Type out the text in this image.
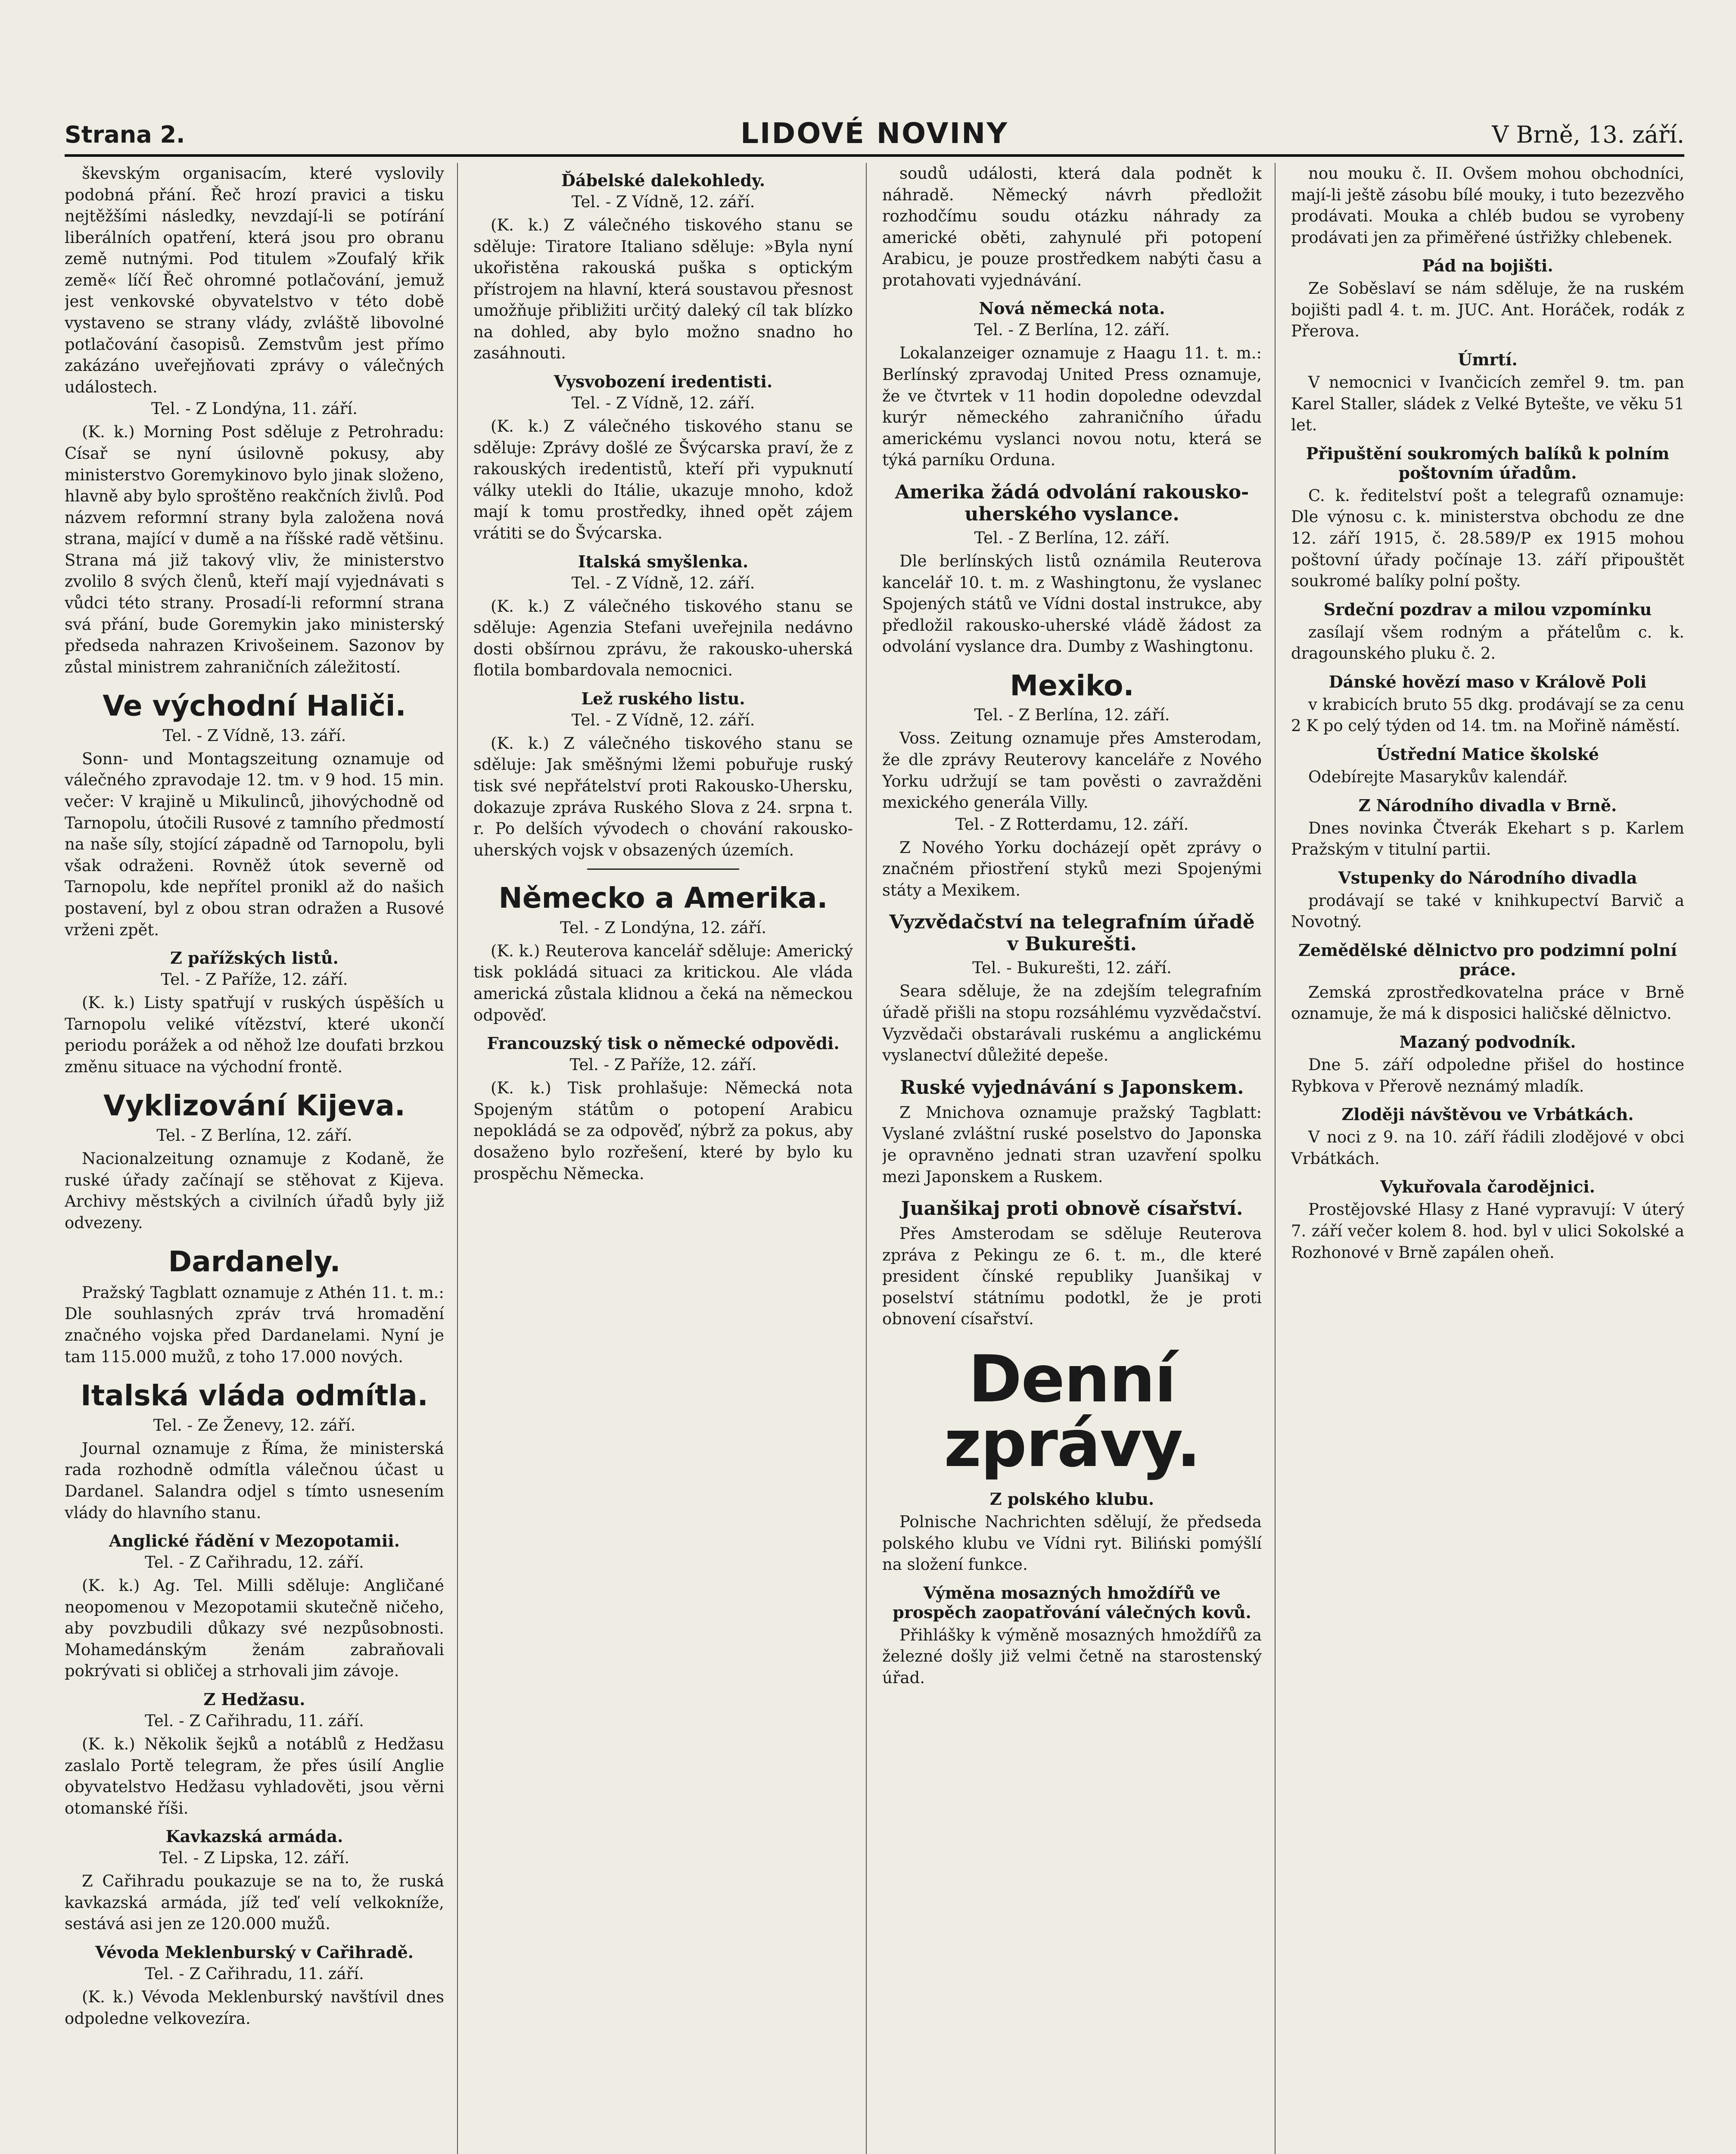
Strana 2.	LIDOVÉ NOVINY	V Brně, 13. září.

škevským organisacím, které vyslovily podobná přání. Řeč hrozí pravici a tisku nejtěžšími následky, nevzdají-li se potírání liberálních opatření, která jsou pro obranu země nutnými. Pod titulem »Zoufalý křik země« líčí Řeč ohromné potlačování, jemuž jest venkovské obyvatelstvo v této době vystaveno se strany vlády, zvláště libovolné potlačování časopisů. Zemstvům jest přímo zakázáno uveřejňovati zprávy o válečných událostech.

Tel. - Z Londýna, 11. září.

(K. k.) Morning Post sděluje z Petrohradu: Císař se nyní úsilovně pokusy, aby ministerstvo Goremykinovo bylo jinak složeno, hlavně aby bylo sproštěno reakčních živlů. Pod názvem reformní strany byla založena nová strana, mající v dumě a na říšské radě většinu. Strana má již takový vliv, že ministerstvo zvolilo 8 svých členů, kteří mají vyjednávati s vůdci této strany. Prosadí-li reformní strana svá přání, bude Goremykin jako ministerský předseda nahrazen Krivošeinem. Sazonov by zůstal ministrem zahraničních záležitostí.

Ve východní Haliči.
Tel. - Z Vídně, 13. září.

Sonn- und Montagszeitung oznamuje od válečného zpravodaje 12. tm. v 9 hod. 15 min. večer: V krajině u Mikulinců, jihovýchodně od Tarnopolu, útočili Rusové z tamního předmostí na naše síly, stojící západně od Tarnopolu, byli však odraženi. Rovněž útok severně od Tarnopolu, kde nepřítel pronikl až do našich postavení, byl z obou stran odražen a Rusové vrženi zpět.

Z pařížských listů.
Tel. - Z Paříže, 12. září.

(K. k.) Listy spatřují v ruských úspěších u Tarnopolu veliké vítězství, které ukončí periodu porážek a od něhož lze doufati brzkou změnu situace na východní frontě.

Vyklizování Kijeva.
Tel. - Z Berlína, 12. září.

Nacionalzeitung oznamuje z Kodaně, že ruské úřady začínají se stěhovat z Kijeva. Archivy městských a civilních úřadů byly již odvezeny.

Dardanely.

Pražský Tagblatt oznamuje z Athén 11. t. m.: Dle souhlasných zpráv trvá hromadění značného vojska před Dardanelami. Nyní je tam 115.000 mužů, z toho 17.000 nových.

Italská vláda odmítla.
Tel. - Ze Ženevy, 12. září.

Journal oznamuje z Říma, že ministerská rada rozhodně odmítla válečnou účast u Dardanel. Salandra odjel s tímto usnesením vlády do hlavního stanu.

Anglické řádění v Mezopotamii.
Tel. - Z Cařihradu, 12. září.

(K. k.) Ag. Tel. Milli sděluje: Angličané neopomenou v Mezopotamii skutečně ničeho, aby povzbudili důkazy své nezpůsobnosti. Mohamedánským ženám zabraňovali pokrývati si obličej a strhovali jim závoje.

Z Hedžasu.
Tel. - Z Cařihradu, 11. září.

(K. k.) Několik šejků a notáblů z Hedžasu zaslalo Portě telegram, že přes úsilí Anglie obyvatelstvo Hedžasu vyhladověti, jsou věrni otomanské říši.

Kavkazská armáda.
Tel. - Z Lipska, 12. září.

Z Cařihradu poukazuje se na to, že ruská kavkazská armáda, jíž teď velí velkokníže, sestává asi jen ze 120.000 mužů.

Vévoda Meklenburský v Cařihradě.
Tel. - Z Cařihradu, 11. září.

(K. k.) Vévoda Meklenburský navštívil dnes odpoledne velkovezíra.

Ďábelské dalekohledy.
Tel. - Z Vídně, 12. září.

(K. k.) Z válečného tiskového stanu se sděluje: Tiratore Italiano sděluje: »Byla nyní ukořistěna rakouská puška s optickým přístrojem na hlavní, která soustavou přesnost umožňuje přibližiti určitý daleký cíl tak blízko na dohled, aby bylo možno snadno ho zasáhnouti.

Vysvobození iredentisti.
Tel. - Z Vídně, 12. září.

(K. k.) Z válečného tiskového stanu se sděluje: Zprávy došlé ze Švýcarska praví, že z rakouských iredentistů, kteří při vypuknutí války utekli do Itálie, ukazuje mnoho, kdož mají k tomu prostředky, ihned opět zájem vrátiti se do Švýcarska.

Italská smyšlenka.
Tel. - Z Vídně, 12. září.

(K. k.) Z válečného tiskového stanu se sděluje: Agenzia Stefani uveřejnila nedávno dosti obšírnou zprávu, že rakousko-uherská flotila bombardovala nemocnici.

Lež ruského listu.
Tel. - Z Vídně, 12. září.

(K. k.) Z válečného tiskového stanu se sděluje: Jak směšnými lžemi pobuřuje ruský tisk své nepřátelství proti Rakousko-Uhersku, dokazuje zpráva Ruského Slova z 24. srpna t. r. Po delších vývodech o chování rakousko-uherských vojsk v obsazených územích.

Německo a Amerika.
Tel. - Z Londýna, 12. září.

(K. k.) Reuterova kancelář sděluje: Americký tisk pokládá situaci za kritickou. Ale vláda americká zůstala klidnou a čeká na německou odpověď.

Francouzský tisk o německé odpovědi.
Tel. - Z Paříže, 12. září.

(K. k.) Tisk prohlašuje: Německá nota Spojeným státům o potopení Arabicu nepokládá se za odpověď, nýbrž za pokus, aby dosaženo bylo rozřešení, které by bylo ku prospěchu Německa.

soudů události, která dala podnět k náhradě. Německý návrh předložit rozhodčímu soudu otázku náhrady za americké oběti, zahynulé při potopení Arabicu, je pouze prostředkem nabýti času a protahovati vyjednávání.

Nová německá nota.
Tel. - Z Berlína, 12. září.

Lokalanzeiger oznamuje z Haagu 11. t. m.: Berlínský zpravodaj United Press oznamuje, že ve čtvrtek v 11 hodin dopoledne odevzdal kurýr německého zahraničního úřadu americkému vyslanci novou notu, která se týká parníku Orduna.

Amerika žádá odvolání rakousko-uherského vyslance.
Tel. - Z Berlína, 12. září.

Dle berlínských listů oznámila Reuterova kancelář 10. t. m. z Washingtonu, že vyslanec Spojených států ve Vídni dostal instrukce, aby předložil rakousko-uherské vládě žádost za odvolání vyslance dra. Dumby z Washingtonu.

Mexiko.
Tel. - Z Berlína, 12. září.

Voss. Zeitung oznamuje přes Amsterodam, že dle zprávy Reuterovy kanceláře z Nového Yorku udržují se tam pověsti o zavražděni mexického generála Villy.

Tel. - Z Rotterdamu, 12. září.

Z Nového Yorku docházejí opět zprávy o značném přiostření styků mezi Spojenými státy a Mexikem.

Vyzvědačství na telegrafním úřadě v Bukurešti.
Tel. - Bukurešti, 12. září.

Seara sděluje, že na zdejším telegrafním úřadě přišli na stopu rozsáhlému vyzvědačství. Vyzvědači obstarávali ruskému a anglickému vyslanectví důležité depeše.

Ruské vyjednávání s Japonskem.

Z Mnichova oznamuje pražský Tagblatt: Vyslané zvláštní ruské poselstvo do Japonska je opravněno jednati stran uzavření spolku mezi Japonskem a Ruskem.

Juanšikaj proti obnově císařství.

Přes Amsterodam se sděluje Reuterova zpráva z Pekingu ze 6. t. m., dle které president čínské republiky Juanšikaj v poselství státnímu podotkl, že je proti obnovení císařství.

Denní zprávy.
Z polského klubu.

Polnische Nachrichten sdělují, že předseda polského klubu ve Vídni ryt. Biliński pomýšlí na složení funkce.

Výměna mosazných hmoždířů ve prospěch zaopatřování válečných kovů.

Přihlášky k výměně mosazných hmoždířů za železné došly již velmi četně na starostenský úřad.

nou mouku č. II. Ovšem mohou obchodníci, mají-li ještě zásobu bílé mouky, i tuto bezezvěho prodávati. Mouka a chléb budou se vyrobeny prodávati jen za přiměřené ústřižky chlebenek.

Pád na bojišti.

Ze Soběslaví se nám sděluje, že na ruském bojišti padl 4. t. m. JUC. Ant. Horáček, rodák z Přerova.

Úmrtí.

V nemocnici v Ivančicích zemřel 9. tm. pan Karel Staller, sládek z Velké Bytešte, ve věku 51 let.

Připuštění soukromých balíků k polním poštovním úřadům.

C. k. ředitelství pošt a telegrafů oznamuje: Dle výnosu c. k. ministerstva obchodu ze dne 12. září 1915, č. 28.589/P ex 1915 mohou poštovní úřady počínaje 13. září připouštět soukromé balíky polní pošty.

Srdeční pozdrav a milou vzpomínku

zasílají všem rodným a přátelům c. k. dragounského pluku č. 2.

Dánské hovězí maso v Králově Poli

v krabicích bruto 55 dkg. prodávají se za cenu 2 K po celý týden od 14. tm. na Mořině náměstí.

Ústřední Matice školské

Odebírejte Masarykův kalendář.

Z Národního divadla v Brně.

Dnes novinka Čtverák Ekehart s p. Karlem Pražským v titulní partii.

Vstupenky do Národního divadla

prodávají se také v knihkupectví Barvič a Novotný.

Zemědělské dělnictvo pro podzimní polní práce.

Zemská zprostředkovatelna práce v Brně oznamuje, že má k disposici haličské dělnictvo.

Mazaný podvodník.

Dne 5. září odpoledne přišel do hostince Rybkova v Přerově neznámý mladík.

Zloději návštěvou ve Vrbátkách.

V noci z 9. na 10. září řádili zlodějové v obci Vrbátkách.

Vykuřovala čarodějnici.

Prostějovské Hlasy z Hané vypravují: V úterý 7. září večer kolem 8. hod. byl v ulici Sokolské a Rozhonové v Brně zapálen oheň.
